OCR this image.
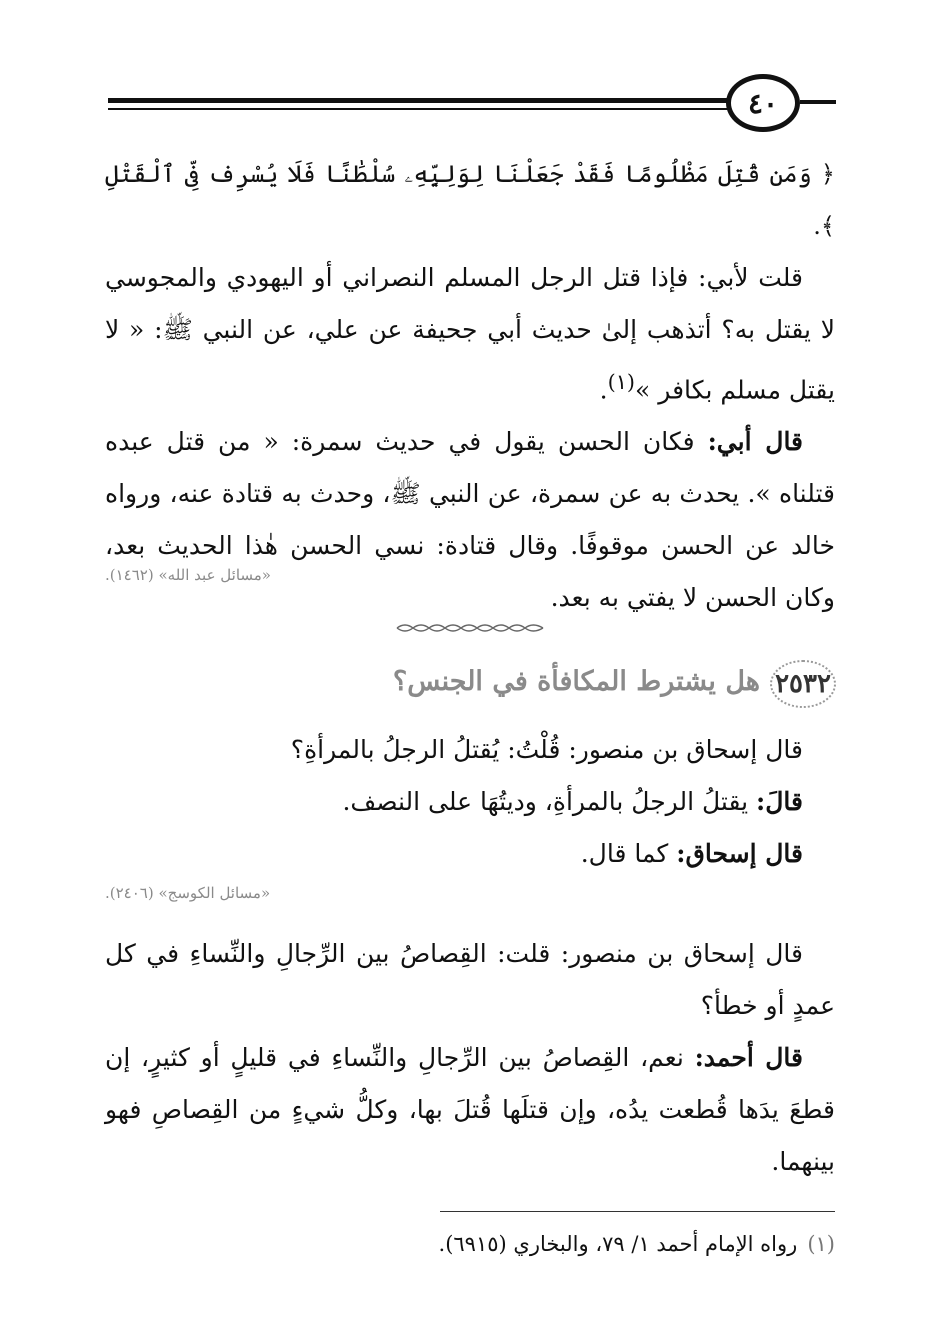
٤٠

﴿ وَمَن قُتِلَ مَظْلُومًا فَقَدْ جَعَلْنَا لِوَلِيِّهِۦ سُلْطَٰنًا فَلَا يُسْرِف فِّى ٱلْقَتْلِ ﴾.

قلت لأبي: فإذا قتل الرجل المسلم النصراني أو اليهودي والمجوسي لا يقتل به؟ أتذهب إلىٰ حديث أبي جحيفة عن علي، عن النبي ﷺ: « لا يقتل مسلم بكافر »$^{(١)}$.

قال أبي: فكان الحسن يقول في حديث سمرة: « من قتل عبده قتلناه ». يحدث به عن سمرة، عن النبي ﷺ، وحدث به قتادة عنه، ورواه خالد عن الحسن موقوفًا. وقال قتادة: نسي الحسن هٰذا الحديث بعد، وكان الحسن لا يفتي به بعد.

«مسائل عبد الله» (١٤٦٢).
٢٥٣٢
هل يشترط المكافأة في الجنس؟

قال إسحاق بن منصور: قُلْتُ: يُقتلُ الرجلُ بالمرأةِ؟

قالَ: يقتلُ الرجلُ بالمرأةِ، وديتُهَا على النصف.

قال إسحاق: كما قال.

«مسائل الكوسج» (٢٤٠٦).

قال إسحاق بن منصور: قلت: القِصاصُ بين الرِّجالِ والنِّساءِ في كل عمدٍ أو خطأ؟

قال أحمد: نعم، القِصاصُ بين الرِّجالِ والنِّساءِ في قليلٍ أو كثيرٍ، إن قطعَ يدَها قُطعت يدُه، وإن قتلَها قُتلَ بها، وكلُّ شيءٍ من القِصاصِ فهو بينهما.

(١)رواه الإمام أحمد ١/ ٧٩، والبخاري (٦٩١٥).
